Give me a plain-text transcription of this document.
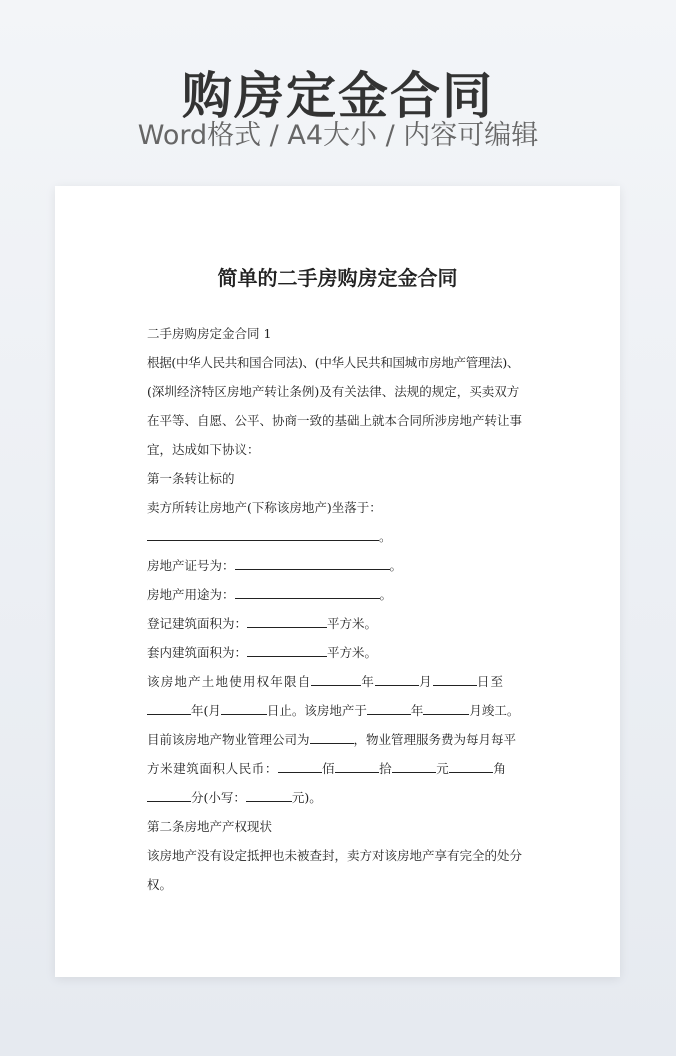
购房定金合同
Word格式 / A4大小 / 内容可编辑
简单的二手房购房定金合同
二手房购房定金合同 1
根据(中华人民共和国合同法)、(中华人民共和国城市房地产管理法)、
(深圳经济特区房地产转让条例)及有关法律、法规的规定，买卖双方
在平等、自愿、公平、协商一致的基础上就本合同所涉房地产转让事
宜，达成如下协议：
第一条转让标的
卖方所转让房地产(下称该房地产)坐落于：
。
房地产证号为：	。
房地产用途为：	。
登记建筑面积为：	平方米。
套内建筑面积为：	平方米。
该房地产土地使用权年限自	年	月	日至
年(月	日止。该房地产于	年	月竣工。
目前该房地产物业管理公司为	，物业管理服务费为每月每平
方米建筑面积人民币：	佰	拾	元	角
分(小写：	元)。
第二条房地产产权现状
该房地产没有设定抵押也未被查封，卖方对该房地产享有完全的处分
权。
